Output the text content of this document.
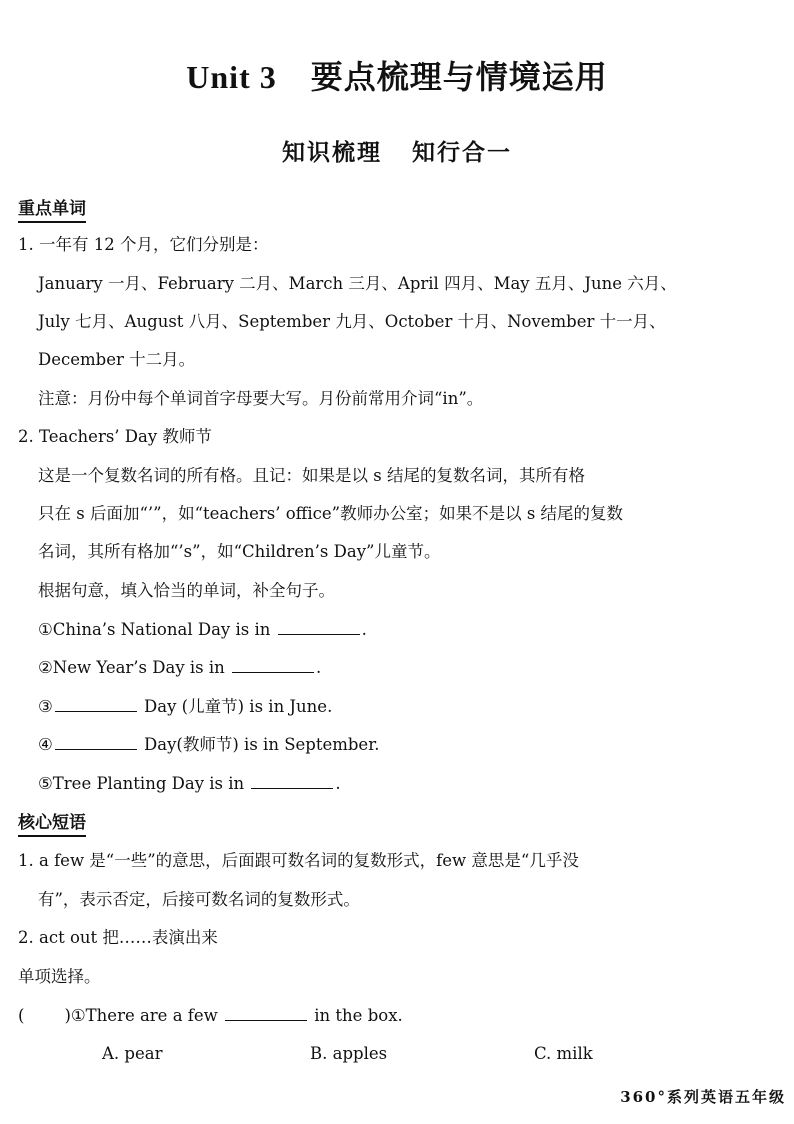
Unit 3 要点梳理与情境运用
知识梳理 知行合一
重点单词
1. 一年有 12 个月，它们分别是：
January 一月、February 二月、March 三月、April 四月、May 五月、June 六月、
July 七月、August 八月、September 九月、October 十月、November 十一月、
December 十二月。
注意：月份中每个单词首字母要大写。月份前常用介词“in”。
2. Teachers’ Day 教师节
这是一个复数名词的所有格。且记：如果是以 s 结尾的复数名词，其所有格
只在 s 后面加“’”，如“teachers’ office”教师办公室；如果不是以 s 结尾的复数
名词，其所有格加“’s”，如“Children’s Day”儿童节。
根据句意，填入恰当的单词，补全句子。
①China’s National Day is in	.
②New Year’s Day is in	.
③	Day (儿童节) is in June.
④	Day(教师节) is in September.
⑤Tree Planting Day is in	.
核心短语
1. a few 是“一些”的意思，后面跟可数名词的复数形式，few 意思是“几乎没
有”，表示否定，后接可数名词的复数形式。
2. act out 把……表演出来
单项选择。
( )①There are a few	in the box.
A. pear	B. apples	C. milk
360°系列英语五年级
